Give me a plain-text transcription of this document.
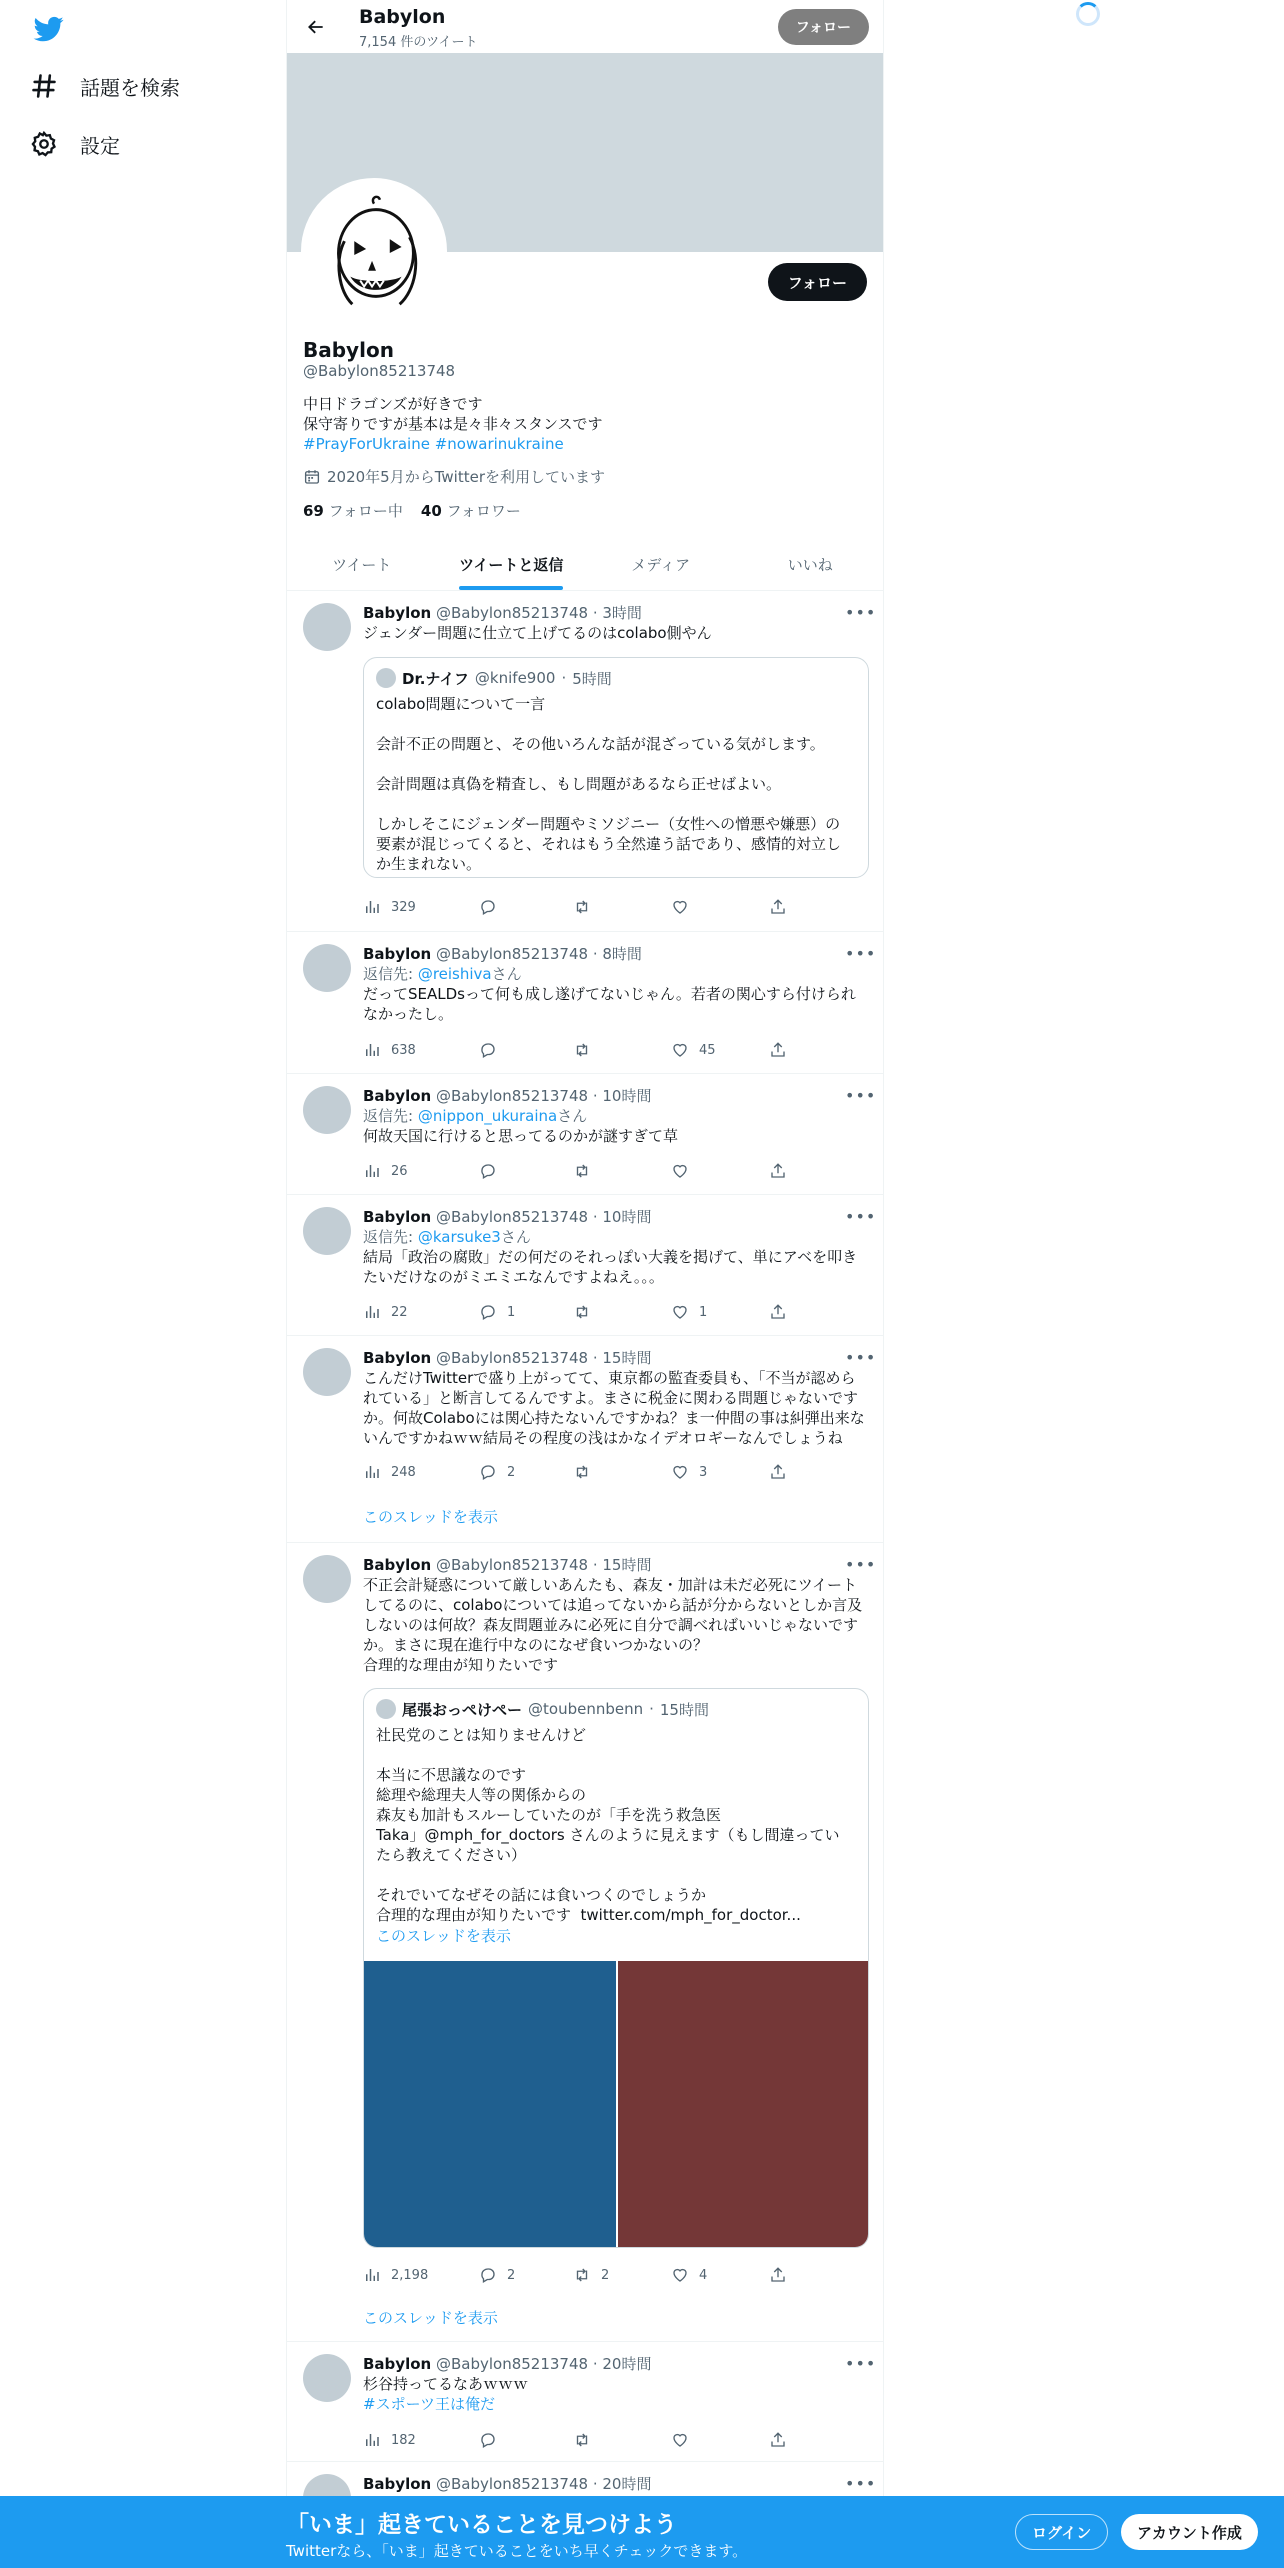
話題を検索
設定
フォロー
Babylon
@Babylon85213748
中日ドラゴンズが好きです
保守寄りですが基本は是々非々スタンスです
#PrayForUkraine #nowarinukraine
2020年5月からTwitterを利用しています
69 フォロー中 40 フォロワー
ツイート	ツイートと返信	メディア	いいね
•••
Babylon @Babylon85213748 · 3時間
ジェンダー問題に仕立て上げてるのはcolabo側やん
Dr.ナイフ @knife900 · 5時間
colabo問題について一言

会計不正の問題と、その他いろんな話が混ざっている気がします。

会計問題は真偽を精査し、もし問題があるなら正せばよい。

しかしそこにジェンダー問題やミソジニー（女性への憎悪や嫌悪）の要素が混じってくると、それはもう全然違う話であり、感情的対立しか生まれない。
329
•••
Babylon @Babylon85213748 · 8時間
返信先: @reishivaさん
だってSEALDsって何も成し遂げてないじゃん。若者の関心すら付けられなかったし。
638	45
•••
Babylon @Babylon85213748 · 10時間
返信先: @nippon_ukurainaさん
何故天国に行けると思ってるのかが謎すぎて草
26
•••
Babylon @Babylon85213748 · 10時間
返信先: @karsuke3さん
結局「政治の腐敗」だの何だのそれっぽい大義を掲げて、単にアベを叩きたいだけなのがミエミエなんですよねえ。。。
22	1	1
•••
Babylon @Babylon85213748 · 15時間
こんだけTwitterで盛り上がってて、東京都の監査委員も、「不当が認められている」と断言してるんですよ。まさに税金に関わる問題じゃないですか。何故Colaboには関心持たないんですかね？ま一仲間の事は糾弾出来ないんですかねｗｗ結局その程度の浅はかなイデオロギーなんでしょうね
248	2	3
このスレッドを表示
•••
Babylon @Babylon85213748 · 15時間
不正会計疑惑について厳しいあんたも、森友・加計は未だ必死にツイートしてるのに、colaboについては追ってないから話が分からないとしか言及しないのは何故？森友問題並みに必死に自分で調べればいいじゃないですか。まさに現在進行中なのになぜ食いつかないの？
合理的な理由が知りたいです
尾張おっぺけぺー @toubennbenn · 15時間
社民党のことは知りませんけど

本当に不思議なのです
総理や総理夫人等の関係からの
森友も加計もスルーしていたのが「手を洗う救急医
Taka」@mph_for_doctors さんのように見えます（もし間違っていたら教えてください）

それでいてなぜその話には食いつくのでしょうか
合理的な理由が知りたいです  twitter.com/mph_for_doctor...
このスレッドを表示
2,198	2	2	4
このスレッドを表示
•••
Babylon @Babylon85213748 · 20時間
杉谷持ってるなあｗｗｗ
#スポーツ王は俺だ
182
•••
Babylon @Babylon85213748 · 20時間
Babylon
7,154 件のツイート
フォロー
「いま」起きていることを見つけよう
Twitterなら、「いま」起きていることをいち早くチェックできます。
ログイン	アカウント作成
